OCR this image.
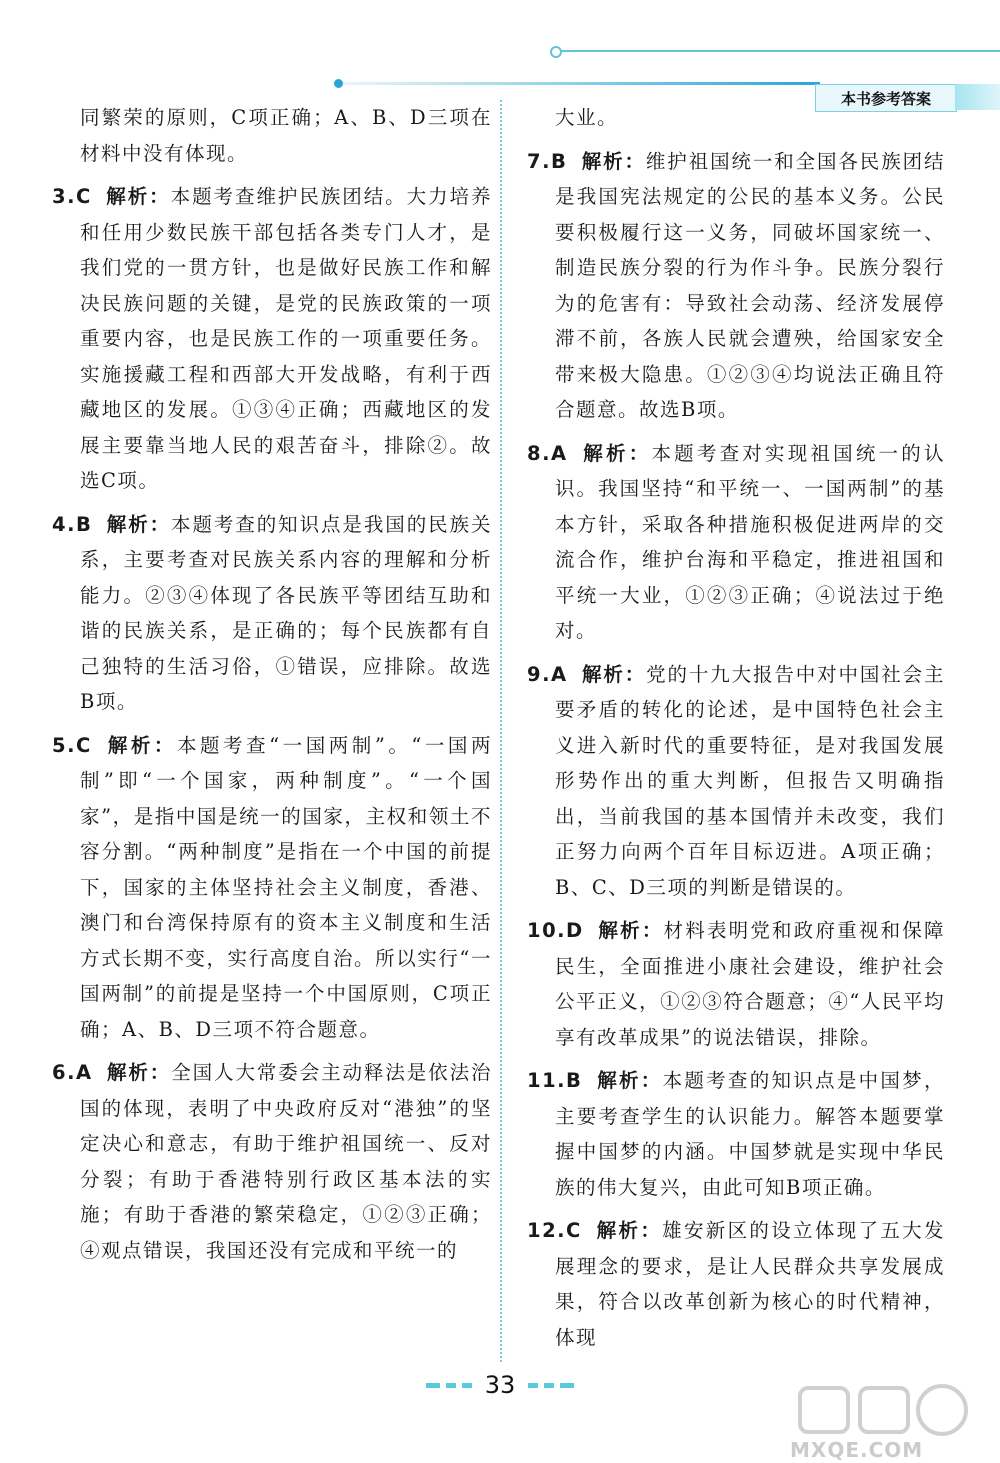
本书参考答案
同繁荣的原则，C项正确；A、B、D三项在材料中没有体现。
3.C 解析：本题考查维护民族团结。大力培养和任用少数民族干部包括各类专门人才，是我们党的一贯方针，也是做好民族工作和解决民族问题的关键，是党的民族政策的一项重要内容，也是民族工作的一项重要任务。实施援藏工程和西部大开发战略，有利于西藏地区的发展。①③④正确；西藏地区的发展主要靠当地人民的艰苦奋斗，排除②。故选C项。
4.B 解析：本题考查的知识点是我国的民族关系，主要考查对民族关系内容的理解和分析能力。②③④体现了各民族平等团结互助和谐的民族关系，是正确的；每个民族都有自己独特的生活习俗，①错误，应排除。故选B项。
5.C 解析：本题考查“一国两制”。“一国两制”即“一个国家，两种制度”。“一个国家”，是指中国是统一的国家，主权和领土不容分割。“两种制度”是指在一个中国的前提下，国家的主体坚持社会主义制度，香港、澳门和台湾保持原有的资本主义制度和生活方式长期不变，实行高度自治。所以实行“一国两制”的前提是坚持一个中国原则，C项正确；A、B、D三项不符合题意。
6.A 解析：全国人大常委会主动释法是依法治国的体现，表明了中央政府反对“港独”的坚定决心和意志，有助于维护祖国统一、反对分裂；有助于香港特别行政区基本法的实施；有助于香港的繁荣稳定，①②③正确；④观点错误，我国还没有完成和平统一的
大业。
7.B 解析：维护祖国统一和全国各民族团结是我国宪法规定的公民的基本义务。公民要积极履行这一义务，同破坏国家统一、制造民族分裂的行为作斗争。民族分裂行为的危害有：导致社会动荡、经济发展停滞不前，各族人民就会遭殃，给国家安全带来极大隐患。①②③④均说法正确且符合题意。故选B项。
8.A 解析：本题考查对实现祖国统一的认识。我国坚持“和平统一、一国两制”的基本方针，采取各种措施积极促进两岸的交流合作，维护台海和平稳定，推进祖国和平统一大业，①②③正确；④说法过于绝对。
9.A 解析：党的十九大报告中对中国社会主要矛盾的转化的论述，是中国特色社会主义进入新时代的重要特征，是对我国发展形势作出的重大判断，但报告又明确指出，当前我国的基本国情并未改变，我们正努力向两个百年目标迈进。A项正确；B、C、D三项的判断是错误的。
10.D 解析：材料表明党和政府重视和保障民生，全面推进小康社会建设，维护社会公平正义，①②③符合题意；④“人民平均享有改革成果”的说法错误，排除。
11.B 解析：本题考查的知识点是中国梦，主要考查学生的认识能力。解答本题要掌握中国梦的内涵。中国梦就是实现中华民族的伟大复兴，由此可知B项正确。
12.C 解析：雄安新区的设立体现了五大发展理念的要求，是让人民群众共享发展成果，符合以改革创新为核心的时代精神，体现
33
MXQE.COM
